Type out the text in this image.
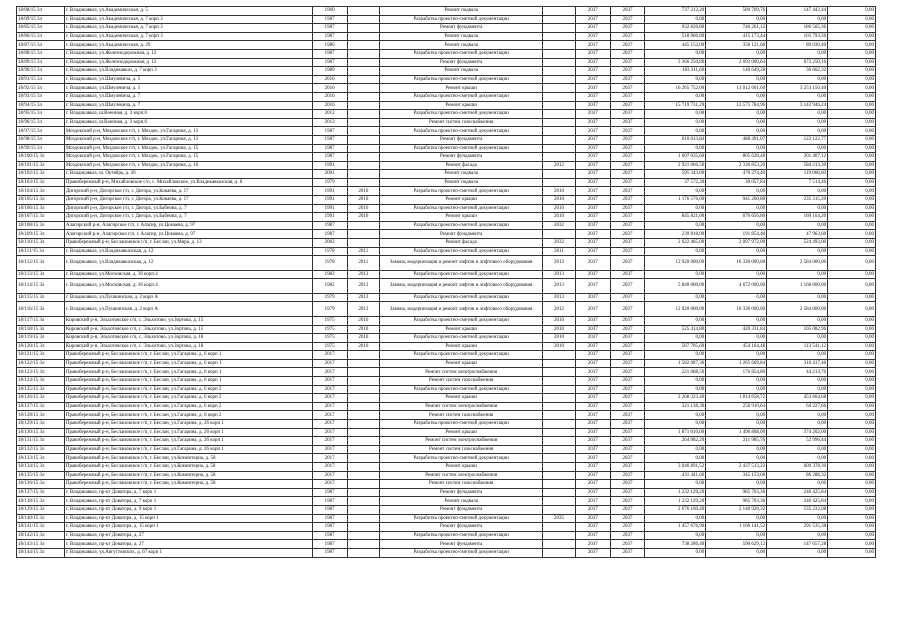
18/08/15 3л	г. Владикавказ, ул.Академическая, д. 5	1960		Ремонт подвала		2037	2037	737 212,20	589 769,76	147 442,44	0,00
18/09/15 3л	г. Владикавказ, ул.Академическая, д. 7 корп 3	1987		Разработка проектно-сметной документации		2037	2037	0,00	0,00	0,00	0,00
18/85/15 3л	г. Владикавказ, ул.Академическая, д. 7 корп 3	1987		Ремонт фундамента		2037	2037	932 826,80	746 261,12	186 565,36	0,00
18/86/15 3л	г. Владикавказ, ул.Академическая, д. 7 корп 3	1987		Ремонт подвала		2037	2037	518 966,80	415 173,44	103 793,36	0,00
18/87/15 3л	г. Владикавказ, ул.Академическая, д. 29	1986		Ремонт подвала		2037	2037	445 152,00	356 121,60	89 030,40	0,00
18/88/15 3л	г. Владикавказ, ул.Железнодорожная, д. 12	1987		Разработка проектно-сметной документации		2037	2037	0,00	0,00	0,00	0,00
18/89/15 3л	г. Владикавказ, ул.Железнодорожная, д. 12	1987		Ремонт фундамента		2037	2037	3 366 250,80	2 693 000,64	673 250,16	0,00
18/90/15 3л	г. Владикавказ, ул.Владикавказ, д. 7 корп 3	1989		Ремонт подвала		2037	2037	183 311,60	146 649,28	36 662,32	0,00
18/91/15 3л	г. Владикавказ, ул.Шмулевича, д. 5	2016		Разработка проектно-сметной документации		2037	2037	0,00	0,00	0,00	0,00
18/92/15 3л	г. Владикавказ, ул.Шмулевича, д. 5	2016		Ремонт крыши		2037	2037	16 265 752,00	13 012 601,60	3 253 150,40	0,00
18/93/15 3л	г. Владикавказ, ул.Шмулевича, д. 7	2016		Разработка проектно-сметной документации		2037	2037	0,00	0,00	0,00	0,00
18/94/15 3л	г. Владикавказ, ул.Шмулевича, д. 7	2016		Ремонт крыши		2037	2037	15 719 731,20	12 575 784,96	3 143 946,24	0,00
18/95/15 3л	г. Владикавказ, ш.Военная, д. 3 корп.6	2012		Разработка проектно-сметной документации		2037	2037	0,00	0,00	0,00	0,00
18/96/15 3л	г. Владикавказ, ш.Военная, д. 3 корп.6	2012		Ремонт систем газоснабжения		2037	2037	0,00	0,00	0,00	0,00
18/97/15 3л	Моздокский р-н, Моздокское г/п, г. Моздок, ул.Гагарина, д. 13	1987		Разработка проектно-сметной документации		2037	2037	0,00	0,00	0,00	0,00
18/98/15 3л	Моздокский р-н, Моздокское г/п, г. Моздок, ул.Гагарина, д. 13	1987		Ремонт фундамента		2037	2037	610 613,84	488 491,07	122 122,77	0,00
18/99/15 3л	Моздокский р-н, Моздокское г/п, г. Моздок, ул.Гагарина, д. 15	1987		Разработка проектно-сметной документации		2037	2037	0,00	0,00	0,00	0,00
18/100/15 3л	Моздокский р-н, Моздокское г/п, г. Моздок, ул.Гагарина, д. 15	1987		Ремонт фундамента		2037	2037	1 007 035,60	805 628,48	201 407,12	0,00
18/101/15 3л	Моздокский р-н, Моздокское г/п, г. Моздок, ул.Гагарина, д. 16	1991		Ремонт фасада	2012	2037	2037	2 921 066,50	2 336 853,20	584 213,30	0,00
18/102/15 3л	г. Владикавказ, ш. Октябрь, д. 36	2001		Ремонт подвала		2037	2037	595 343,00	476 274,40	119 068,60	0,00
18/103/15 3л	Правобережный р-н, Михайловское с/п, с. Михайловское, ул.Владикавказская, д. 8	1979		Ремонт подвала		2037	2037	37 572,30	30 057,84	7 514,46	0,00
18/104/15 3л	Дигорский р-н, Дигорское г/п, г. Дигора, ул.Кокаева, д. 17	1991	2010	Разработка проектно-сметной документации	2010	2037	2037	0,00	0,00	0,00	0,00
18/105/15 3л	Дигорский р-н, Дигорское г/п, г. Дигора, ул.Кокаева, д. 17	1991	2010	Ремонт крыши	2010	2037	2037	1 176 576,00	941 260,80	235 315,20	0,00
18/106/15 3л	Дигорский р-н, Дигорское г/п, г. Дигора, ул.Бабнова, д. 7	1991	2010	Разработка проектно-сметной документации	2010	2037	2037	0,00	0,00	0,00	0,00
18/107/15 3л	Дигорский р-н, Дигорское г/п, г. Дигора, ул.Бабнова, д. 7	1991	2010	Ремонт крыши	2010	2037	2037	845 821,00	676 656,80	169 164,20	0,00
18/108/15 3л	Алагирский р-н, Алагирское г/п, г. Алагир, ул.Цомаева, д. 97	1987		Разработка проектно-сметной документации	2032	2037	2037	0,00	0,00	0,00	0,00
18/109/15 3л	Алагирский р-н, Алагирское г/п, г. Алагир, ул.Цомаева, д. 97	1987		Ремонт фундамента		2037	2037	239 818,00	191 854,40	47 963,60	0,00
18/110/15 3л	Правобережный р-н, Беслановское г/п, г. Беслан, ул.Мира, д. 13	2002		Ремонт фасада	2032	2037	2037	2 622 465,00	2 097 972,00	524 493,00	0,00
18/111/15 3л	г. Владикавказ, ул.Владикавказская, д. 12	1978	2011	Разработка проектно-сметной документации	2011	2037	2037	0,00	0,00	0,00	0,00
18/112/15 3л	г. Владикавказ, ул.Владикавказская, д. 12	1978	2011	Замена, модернизация и ремонт лифтов и лифтового оборудования	2012	2037	2037	12 920 000,00	10 336 000,00	2 584 000,00	0,00
18/113/15 3л	г. Владикавказ, ул.Московская, д. 36 корп.4	1982	2013	Разработка проектно-сметной документации	2013	2037	2037	0,00	0,00	0,00	0,00
18/114/15 3л	г. Владикавказ, ул.Московская, д. 36 корп.4	1982	2013	Замена, модернизация и ремонт лифтов и лифтового оборудования	2013	2037	2037	5 840 000,00	4 672 000,00	1 168 000,00	0,00
18/115/15 3л	г. Владикавказ, ул.Пушкинская, д. 2 корп А	1979	2013	Разработка проектно-сметной документации	2013	2037	2037	0,00	0,00	0,00	0,00
18/116/15 3л	г. Владикавказ, ул.Пушкинская, д. 2 корп А	1979	2013	Замена, модернизация и ремонт лифтов и лифтового оборудования	2012	2037	2037	12 920 000,00	10 336 000,00	2 584 000,00	0,00
18/117/15 3л	Кировский р-н, Эльхотовское с/п, с. Эльхотово, ул.Зортова, д. 15	1975	2010	Разработка проектно-сметной документации	2010	2037	2037	0,00	0,00	0,00	0,00
18/118/15 3л	Кировский р-н, Эльхотовское с/п, с. Эльхотово, ул.Зортова, д. 15	1975	2010	Ремонт крыши	2010	2037	2037	525 414,80	420 331,84	105 082,96	0,00
18/119/15 3л	Кировский р-н, Эльхотовское с/п, с. Эльхотово, ул.Зортова, д. 18	1975	2010	Разработка проектно-сметной документации	2010	2037	2037	0,00	0,00	0,00	0,00
18/120/15 3л	Кировский р-н, Эльхотовское с/п, с. Эльхотово, ул.Зортова, д. 18	1975	2010	Ремонт крыши	2010	2037	2037	567 705,60	454 164,48	113 541,12	0,00
18/121/15 3л	Правобережный р-н, Беслановское г/п, г. Беслан, ул.Гагарина, д. 6 корп 1	2017		Разработка проектно-сметной документации		2037	2037	0,00	0,00	0,00	0,00
18/122/15 3л	Правобережный р-н, Беслановское г/п, г. Беслан, ул.Гагарина, д. 6 корп 1	2017		Ремонт крыши		2037	2037	1 582 087,30	1 265 669,84	316 417,46	0,00
18/123/15 3л	Правобережный р-н, Беслановское г/п, г. Беслан, ул.Гагарина, д. 6 корп 1	2017		Ремонт систем электроснабжения		2037	2037	221 068,50	176 854,80	44 213,70	0,00
18/124/15 3л	Правобережный р-н, Беслановское г/п, г. Беслан, ул.Гагарина, д. 6 корп 1	2017		Ремонт систем газоснабжения		2037	2037	0,00	0,00	0,00	0,00
18/125/15 3л	Правобережный р-н, Беслановское г/п, г. Беслан, ул.Гагарина, д. 6 корп 2	2017		Разработка проектно-сметной документации		2037	2037	0,00	0,00	0,00	0,00
18/126/15 3л	Правобережный р-н, Беслановское г/п, г. Беслан, ул.Гагарина, д. 6 корп 2	2017		Ремонт крыши		2037	2037	2 268 323,40	1 814 658,72	453 664,68	0,00
18/127/15 3л	Правобережный р-н, Беслановское г/п, г. Беслан, ул.Гагарина, д. 6 корп 2	2017		Ремонт систем электроснабжения		2037	2037	321 138,30	256 910,64	64 227,66	0,00
18/128/15 3л	Правобережный р-н, Беслановское г/п, г. Беслан, ул.Гагарина, д. 6 корп 2	2017		Ремонт систем газоснабжения		2037	2037	0,00	0,00	0,00	0,00
18/129/15 3л	Правобережный р-н, Беслановское г/п, г. Беслан, ул.Гагарина, д. 26 корп 1	2017		Разработка проектно-сметной документации		2037	2037	0,00	0,00	0,00	0,00
18/130/15 3л	Правобережный р-н, Беслановское г/п, г. Беслан, ул.Гагарина, д. 26 корп 1	2017		Ремонт крыши		2037	2037	1 871 010,00	1 496 808,00	374 202,00	0,00
18/131/15 3л	Правобережный р-н, Беслановское г/п, г. Беслан, ул.Гагарина, д. 26 корп 1	2017		Ремонт систем электроснабжения		2037	2037	264 982,20	211 985,76	52 996,44	0,00
18/132/15 3л	Правобережный р-н, Беслановское г/п, г. Беслан, ул.Гагарина, д. 26 корп 1	2017		Ремонт систем газоснабжения		2037	2037	0,00	0,00	0,00	0,00
18/133/15 3л	Правобережный р-н, Беслановское г/п, г. Беслан, ул.Коминтерна, д. 58	2017		Разработка проектно-сметной документации		2037	2037	0,00	0,00	0,00	0,00
18/134/15 3л	Правобережный р-н, Беслановское г/п, г. Беслан, ул.Коминтерна, д. 58	2017		Ремонт крыши		2037	2037	3 046 891,52	2 437 513,22	609 378,30	0,00
18/135/15 3л	Правобережный р-н, Беслановское г/п, г. Беслан, ул.Коминтерна, д. 58	2017		Ремонт систем электроснабжения		2037	2037	431 441,60	345 153,68	86 288,32	0,00
18/136/15 3л	Правобережный р-н, Беслановское г/п, г. Беслан, ул.Коминтерна, д. 58	2017		Ремонт систем газоснабжения		2037	2037	0,00	0,00	0,00	0,00
18/137/15 3л	г. Владикавказ, пр-кт Доватора, д. 7 корп 1	1987		Ремонт фундамента		2037	2037	1 232 129,20	985 703,36	246 425,84	0,00
18/138/15 3л	г. Владикавказ, пр-кт Доватора, д. 7 корп 1	1987		Ремонт подвала		2037	2037	1 232 129,20	985 703,36	246 425,84	0,00
18/139/15 3л	г. Владикавказ, пр-кт Доватора, д. 9 корп 1	1987		Ремонт фундамента		2037	2037	2 676 160,40	2 140 928,32	535 232,08	0,00
18/140/15 3л	г. Владикавказ, пр-кт Доватора, д. 15 корп 1	1987		Разработка проектно-сметной документации	2035	2037	2037	0,00	0,00	0,00	0,00
18/141/15 3л	г. Владикавказ, пр-кт Доватора, д. 15 корп 1	1987		Ремонт фундамента		2037	2037	1 457 676,90	1 166 141,52	291 535,38	0,00
18/142/15 3л	г. Владикавказ, пр-кт Доватора, д. 27	1987		Разработка проектно-сметной документации		2037	2037	0,00	0,00	0,00	0,00
18/143/15 3л	г. Владикавказ, пр-кт Доватора, д. 27	1987		Ремонт фундамента		2037	2037	738 286,40	590 629,12	147 657,28	0,00
18/144/15 3л	г. Владикавказ, ул.Августовских, д. 67 корп 1	1987		Разработка проектно-сметной документации		2037	2037	0,00	0,00	0,00	0,00
